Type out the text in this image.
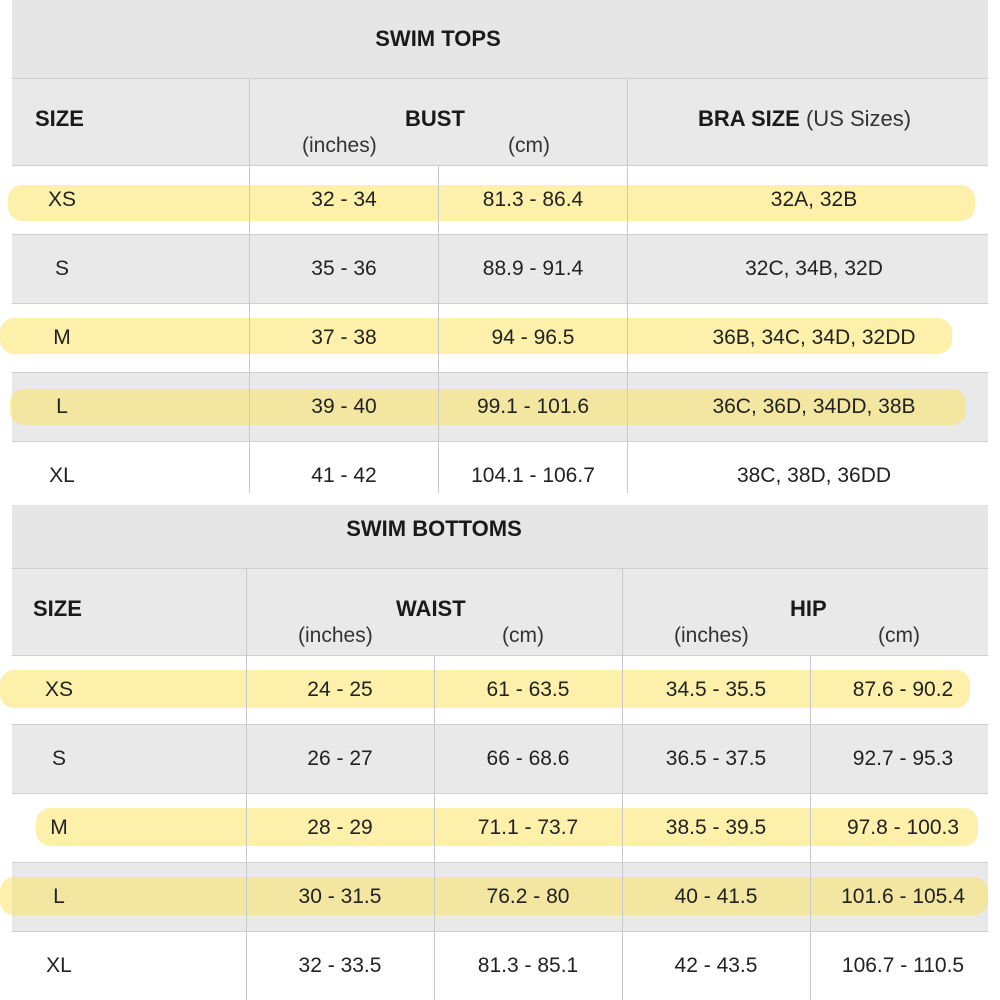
SWIM TOPS
SIZE	BUST
(inches)	(cm)
BRA SIZE (US Sizes)
XS	32 - 34	81.3 - 86.4	32A, 32B
S	35 - 36	88.9 - 91.4	32C, 34B, 32D
M	37 - 38	94 - 96.5	36B, 34C, 34D, 32DD
L	39 - 40	99.1 - 101.6	36C, 36D, 34DD, 38B
XL	41 - 42	104.1 - 106.7	38C, 38D, 36DD
SWIM BOTTOMS
SIZE	WAIST	HIP
(inches)	(cm)	(inches)	(cm)
XS	24 - 25	61 - 63.5	34.5 - 35.5	87.6 - 90.2
S	26 - 27	66 - 68.6	36.5 - 37.5	92.7 - 95.3
M	28 - 29	71.1 - 73.7	38.5 - 39.5	97.8 - 100.3
L	30 - 31.5	76.2 - 80	40 - 41.5	101.6 - 105.4
XL	32 - 33.5	81.3 - 85.1	42 - 43.5	106.7 - 110.5
